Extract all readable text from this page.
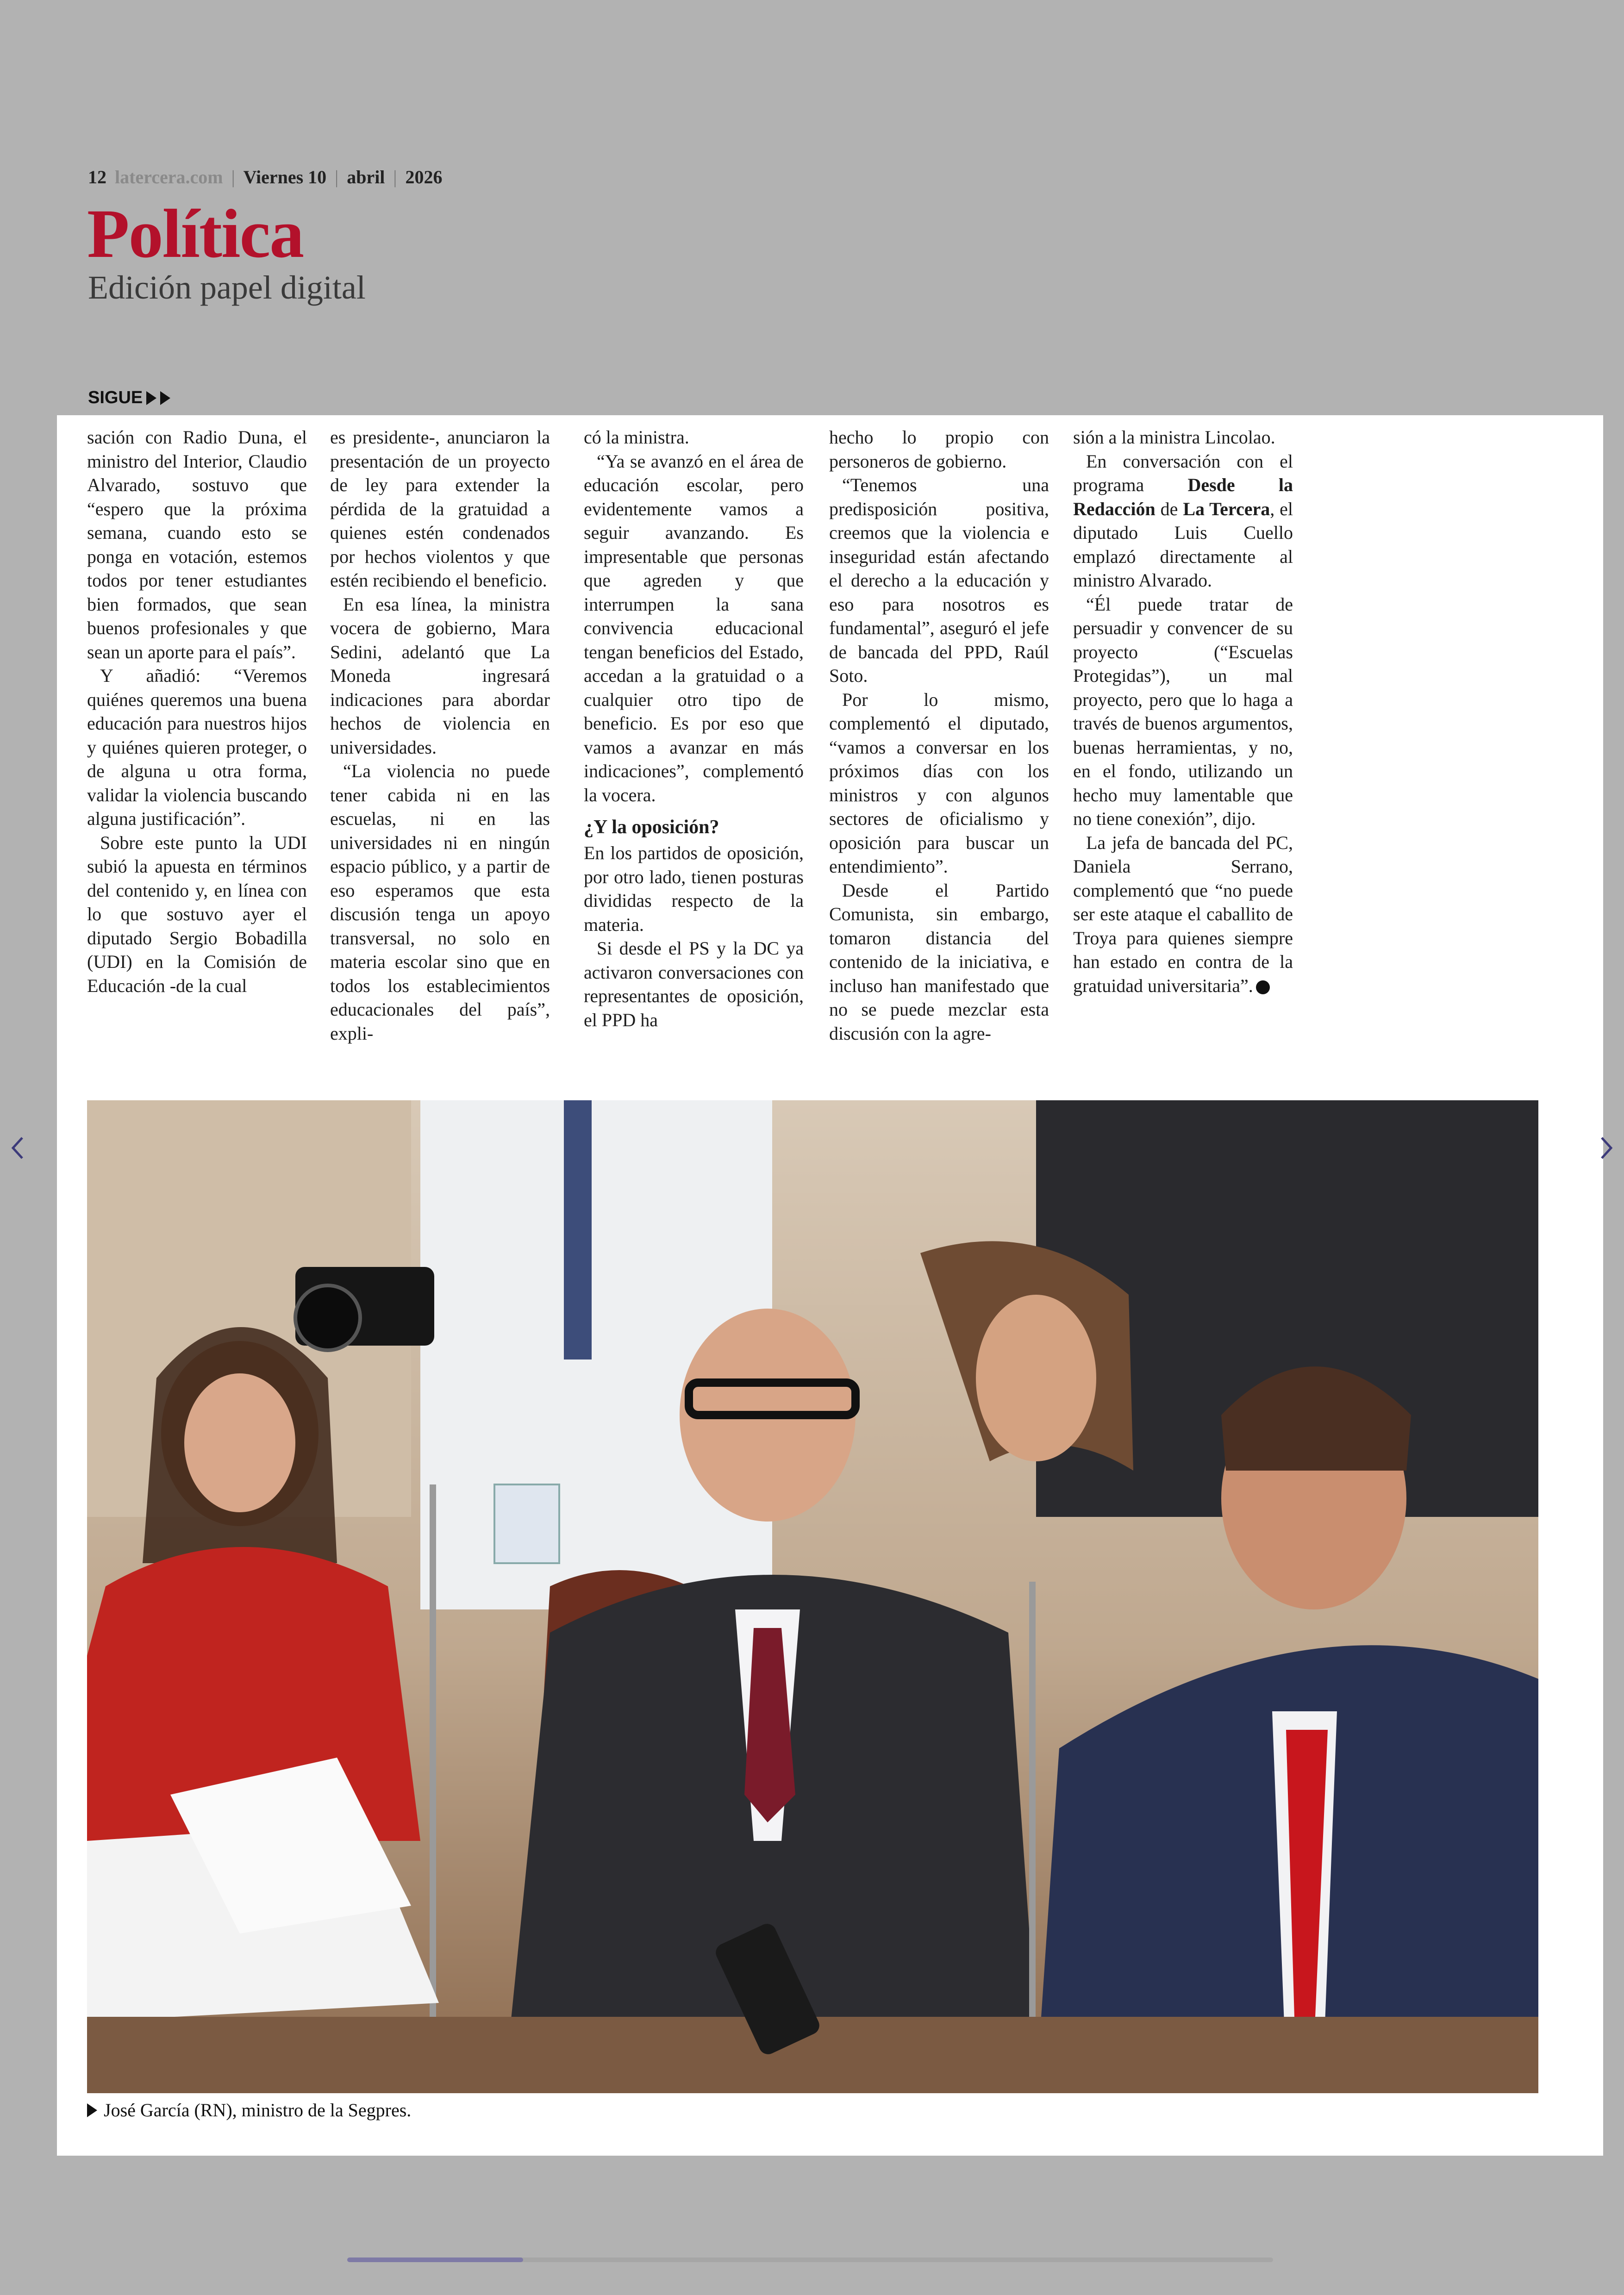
12 latercera.com | Viernes 10 | abril | 2026
Política
Edición papel digital
SIGUE

sación con Radio Duna, el ministro del Interior, Claudio Alvarado, sostuvo que “espero que la próxima semana, cuando esto se ponga en votación, estemos todos por tener estudiantes bien formados, que sean buenos profesionales y que sean un aporte para el país”.

Y añadió: “Veremos quiénes queremos una buena educación para nuestros hijos y quiénes quieren proteger, o de alguna u otra forma, validar la violencia buscando alguna justificación”.

Sobre este punto la UDI subió la apuesta en términos del contenido y, en línea con lo que sostuvo ayer el diputado Sergio Bobadilla (UDI) en la Comisión de Educación -de la cual

es presidente-, anunciaron la presentación de un proyecto de ley para extender la pérdida de la gratuidad a quienes estén condenados por hechos violentos y que estén recibiendo el beneficio.

En esa línea, la ministra vocera de gobierno, Mara Sedini, adelantó que La Moneda ingresará indicaciones para abordar hechos de violencia en universidades.

“La violencia no puede tener cabida ni en las escuelas, ni en las universidades ni en ningún espacio público, y a partir de eso esperamos que esta discusión tenga un apoyo transversal, no solo en materia escolar sino que en todos los establecimientos educacionales del país”, expli-

có la ministra.

“Ya se avanzó en el área de educación escolar, pero evidentemente vamos a seguir avanzando. Es impresentable que personas que agreden y que interrumpen la sana convivencia educacional tengan beneficios del Estado, accedan a la gratuidad o a cualquier otro tipo de beneficio. Es por eso que vamos a avanzar en más indicaciones”, complementó la vocera.

¿Y la oposición?

En los partidos de oposición, por otro lado, tienen posturas divididas respecto de la materia.

Si desde el PS y la DC ya activaron conversaciones con representantes de oposición, el PPD ha

hecho lo propio con personeros de gobierno.

“Tenemos una predisposición positiva, creemos que la violencia e inseguridad están afectando el derecho a la educación y eso para nosotros es fundamental”, aseguró el jefe de bancada del PPD, Raúl Soto.

Por lo mismo, complementó el diputado, “vamos a conversar en los próximos días con los ministros y con algunos sectores de oficialismo y oposición para buscar un entendimiento”.

Desde el Partido Comunista, sin embargo, tomaron distancia del contenido de la iniciativa, e incluso han manifestado que no se puede mezclar esta discusión con la agre-

sión a la ministra Lincolao.

En conversación con el programa Desde la Redacción de La Tercera, el diputado Luis Cuello emplazó directamente al ministro Alvarado.

“Él puede tratar de persuadir y convencer de su proyecto (“Escuelas Protegidas”), un mal proyecto, pero que lo haga a través de buenos argumentos, buenas herramientas, y no, en el fondo, utilizando un hecho muy lamentable que no tiene conexión”, dijo.

La jefa de bancada del PC, Daniela Serrano, complementó que “no puede ser este ataque el caballito de Troya para quienes siempre han estado en contra de la gratuidad universitaria”.

José García (RN), ministro de la Segpres.
